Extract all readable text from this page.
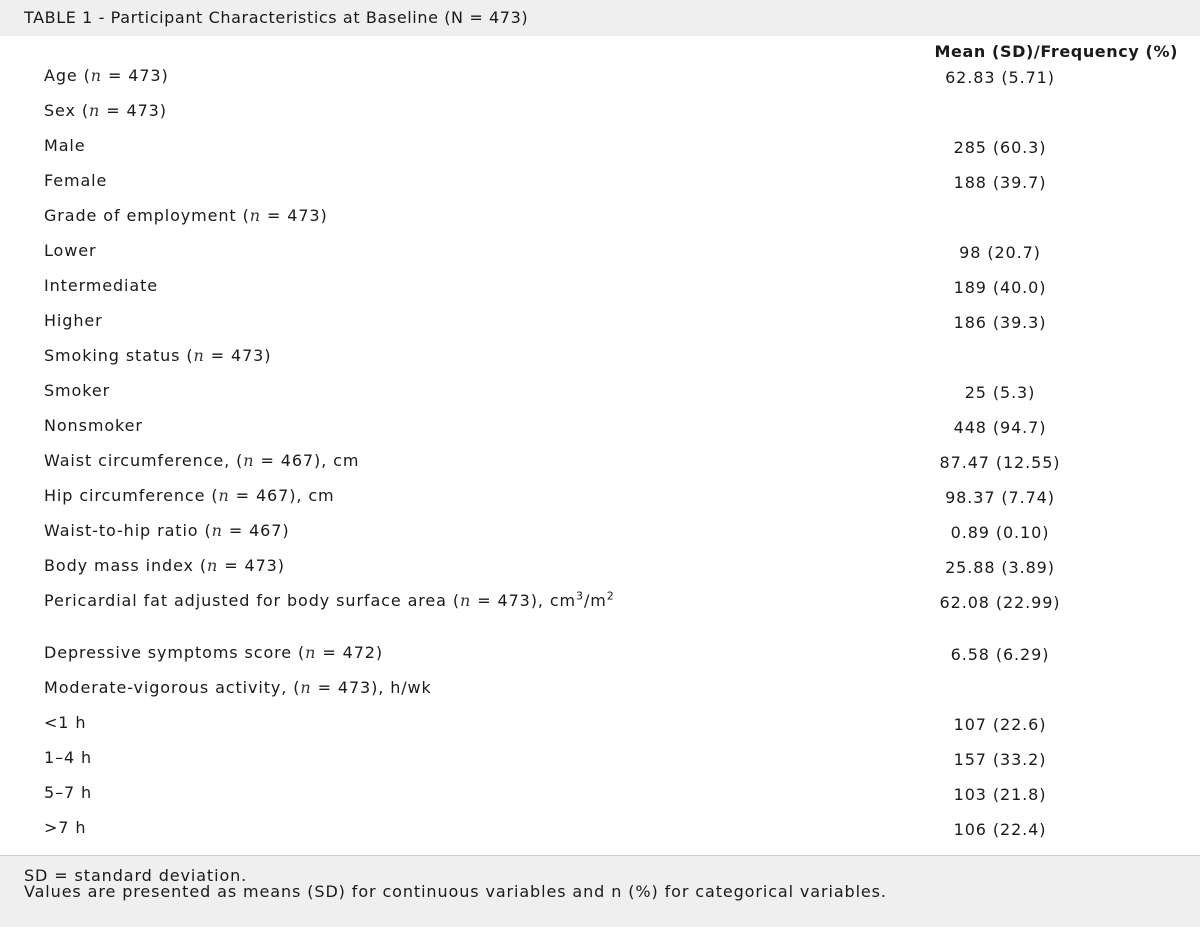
TABLE 1 - Participant Characteristics at Baseline (N = 473)
Mean (SD)/Frequency (%)
Age (n = 473)	62.83 (5.71)
Sex (n = 473)
Male	285 (60.3)
Female	188 (39.7)
Grade of employment (n = 473)
Lower	98 (20.7)
Intermediate	189 (40.0)
Higher	186 (39.3)
Smoking status (n = 473)
Smoker	25 (5.3)
Nonsmoker	448 (94.7)
Waist circumference, (n = 467), cm	87.47 (12.55)
Hip circumference (n = 467), cm	98.37 (7.74)
Waist-to-hip ratio (n = 467)	0.89 (0.10)
Body mass index (n = 473)	25.88 (3.89)
Pericardial fat adjusted for body surface area (n = 473), $cm^3/m^2$	62.08 (22.99)
Depressive symptoms score (n = 472)	6.58 (6.29)
Moderate-vigorous activity, (n = 473), h/wk
<1 h	107 (22.6)
1–4 h	157 (33.2)
5–7 h	103 (21.8)
>7 h	106 (22.4)
SD = standard deviation.
Values are presented as means (SD) for continuous variables and n (%) for categorical variables.
